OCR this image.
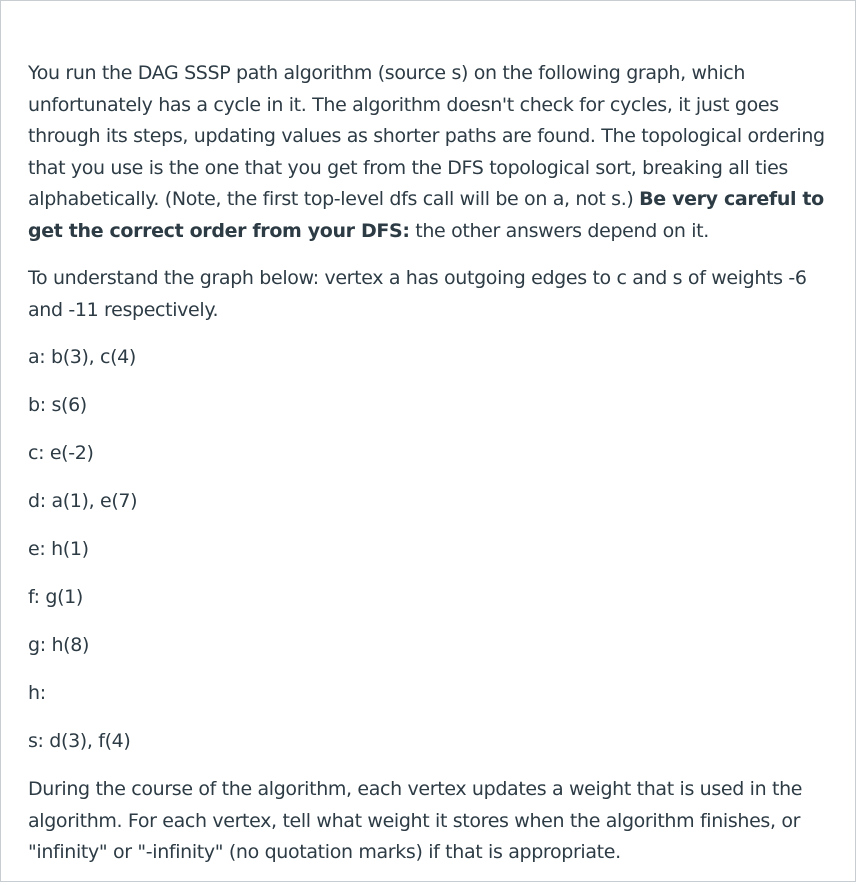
You run the DAG SSSP path algorithm (source s) on the following graph, which unfortunately has a cycle in it. The algorithm doesn't check for cycles, it just goes through its steps, updating values as shorter paths are found. The topological ordering that you use is the one that you get from the DFS topological sort, breaking all ties alphabetically. (Note, the first top-level dfs call will be on a, not s.) Be very careful to get the correct order from your DFS: the other answers depend on it.

To understand the graph below: vertex a has outgoing edges to c and s of weights -6 and -11 respectively.

a: b(3), c(4)

b: s(6)

c: e(-2)

d: a(1), e(7)

e: h(1)

f: g(1)

g: h(8)

h:

s: d(3), f(4)

During the course of the algorithm, each vertex updates a weight that is used in the algorithm. For each vertex, tell what weight it stores when the algorithm finishes, or "infinity" or "-infinity" (no quotation marks) if that is appropriate.
